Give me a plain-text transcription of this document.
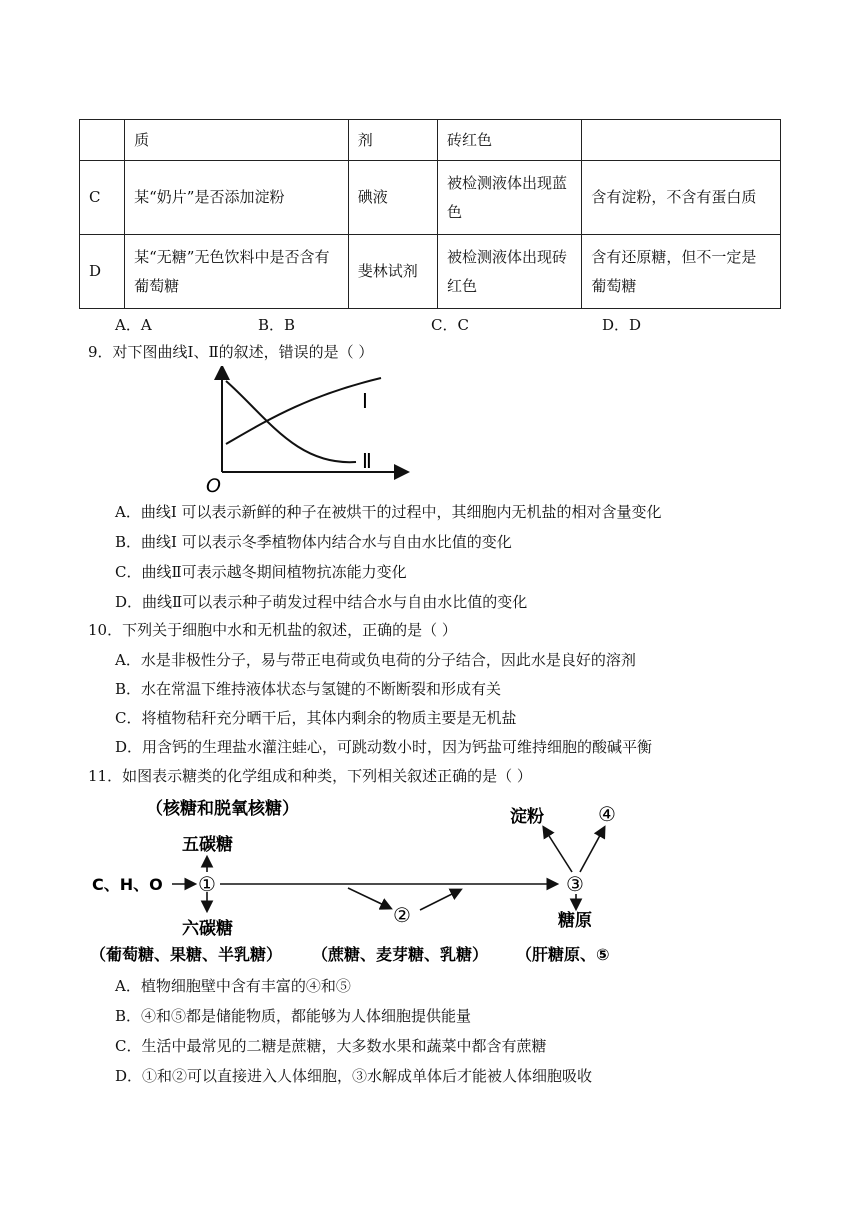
	质	剂	砖红色	
C	某“奶片”是否添加淀粉	碘液	被检测液体出现蓝色	含有淀粉，不含有蛋白质
D	某“无糖”无色饮料中是否含有葡萄糖	斐林试剂	被检测液体出现砖红色	含有还原糖，但不一定是葡萄糖
A．A	B．B	C．C	D．D
9．对下图曲线Ⅰ、Ⅱ的叙述，错误的是（ ）
Ⅰ
Ⅱ
O
A．曲线Ⅰ 可以表示新鲜的种子在被烘干的过程中，其细胞内无机盐的相对含量变化
B．曲线Ⅰ 可以表示冬季植物体内结合水与自由水比值的变化
C．曲线Ⅱ可表示越冬期间植物抗冻能力变化
D．曲线Ⅱ可以表示种子萌发过程中结合水与自由水比值的变化
10．下列关于细胞中水和无机盐的叙述，正确的是（ ）
A．水是非极性分子，易与带正电荷或负电荷的分子结合，因此水是良好的溶剂
B．水在常温下维持液体状态与氢键的不断断裂和形成有关
C．将植物秸秆充分晒干后，其体内剩余的物质主要是无机盐
D．用含钙的生理盐水灌注蛙心，可跳动数小时，因为钙盐可维持细胞的酸碱平衡
11．如图表示糖类的化学组成和种类，下列相关叙述正确的是（ ）
（核糖和脱氧核糖）
五碳糖
C、H、O ①
②
③
淀粉	④
六碳糖	糖原
（葡萄糖、果糖、半乳糖） （蔗糖、麦芽糖、乳糖） （肝糖原、⑤
A．植物细胞壁中含有丰富的④和⑤
B．④和⑤都是储能物质，都能够为人体细胞提供能量
C．生活中最常见的二糖是蔗糖，大多数水果和蔬菜中都含有蔗糖
D．①和②可以直接进入人体细胞，③水解成单体后才能被人体细胞吸收
